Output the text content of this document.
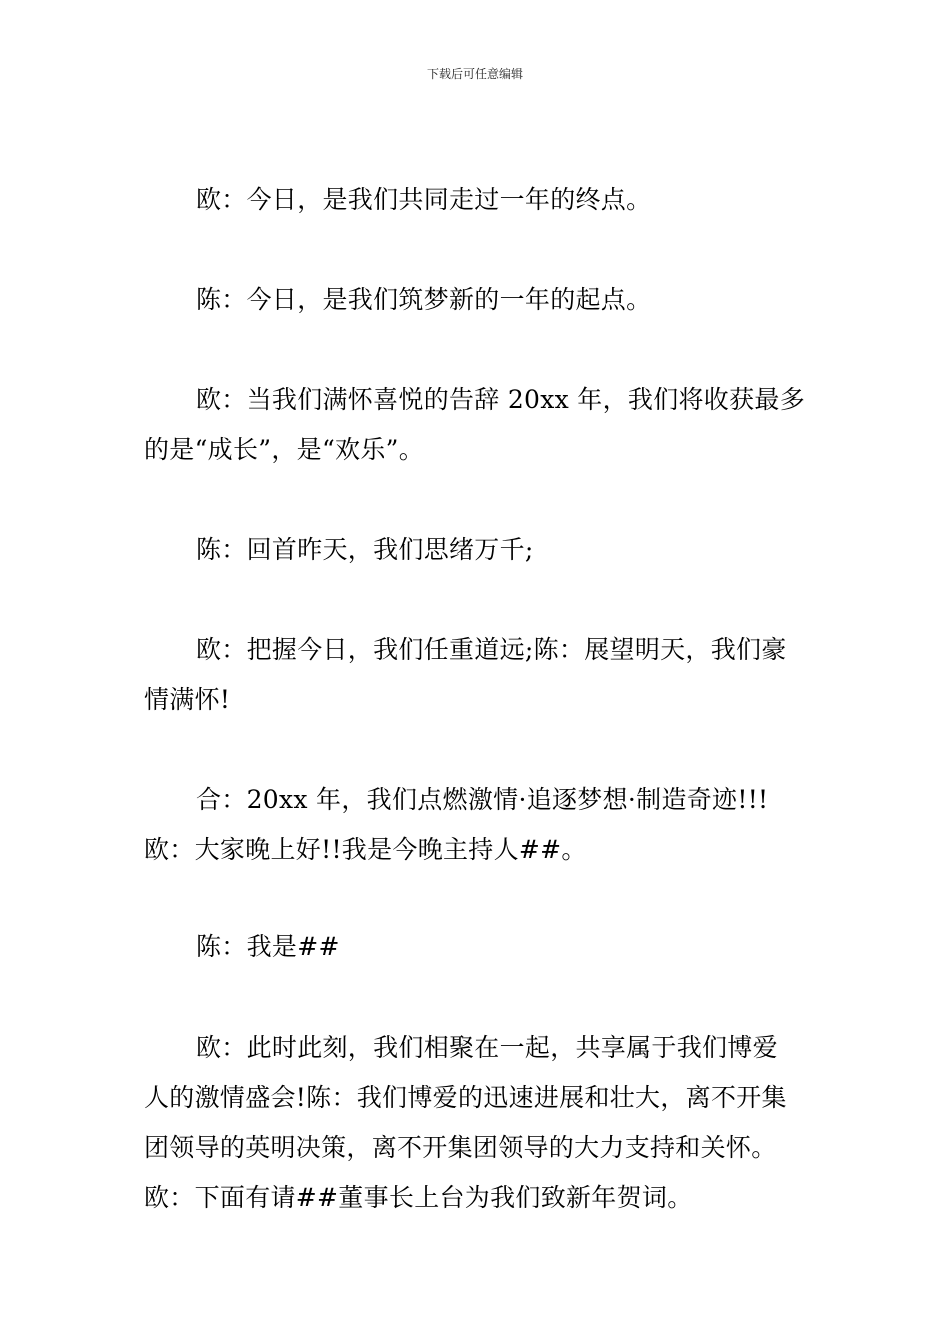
下载后可任意编辑
欧：今日，是我们共同走过一年的终点。
陈：今日，是我们筑梦新的一年的起点。
欧：当我们满怀喜悦的告辞 20xx 年，我们将收获最多
的是“成长”，是“欢乐”。
陈：回首昨天，我们思绪万千;
欧：把握今日，我们任重道远;陈：展望明天，我们豪
情满怀!
合：20xx 年，我们点燃激情·追逐梦想·制造奇迹!!!
欧：大家晚上好!!我是今晚主持人##。
陈：我是##
欧：此时此刻，我们相聚在一起，共享属于我们博爱
人的激情盛会!陈：我们博爱的迅速进展和壮大，离不开集
团领导的英明决策，离不开集团领导的大力支持和关怀。
欧：下面有请##董事长上台为我们致新年贺词。
